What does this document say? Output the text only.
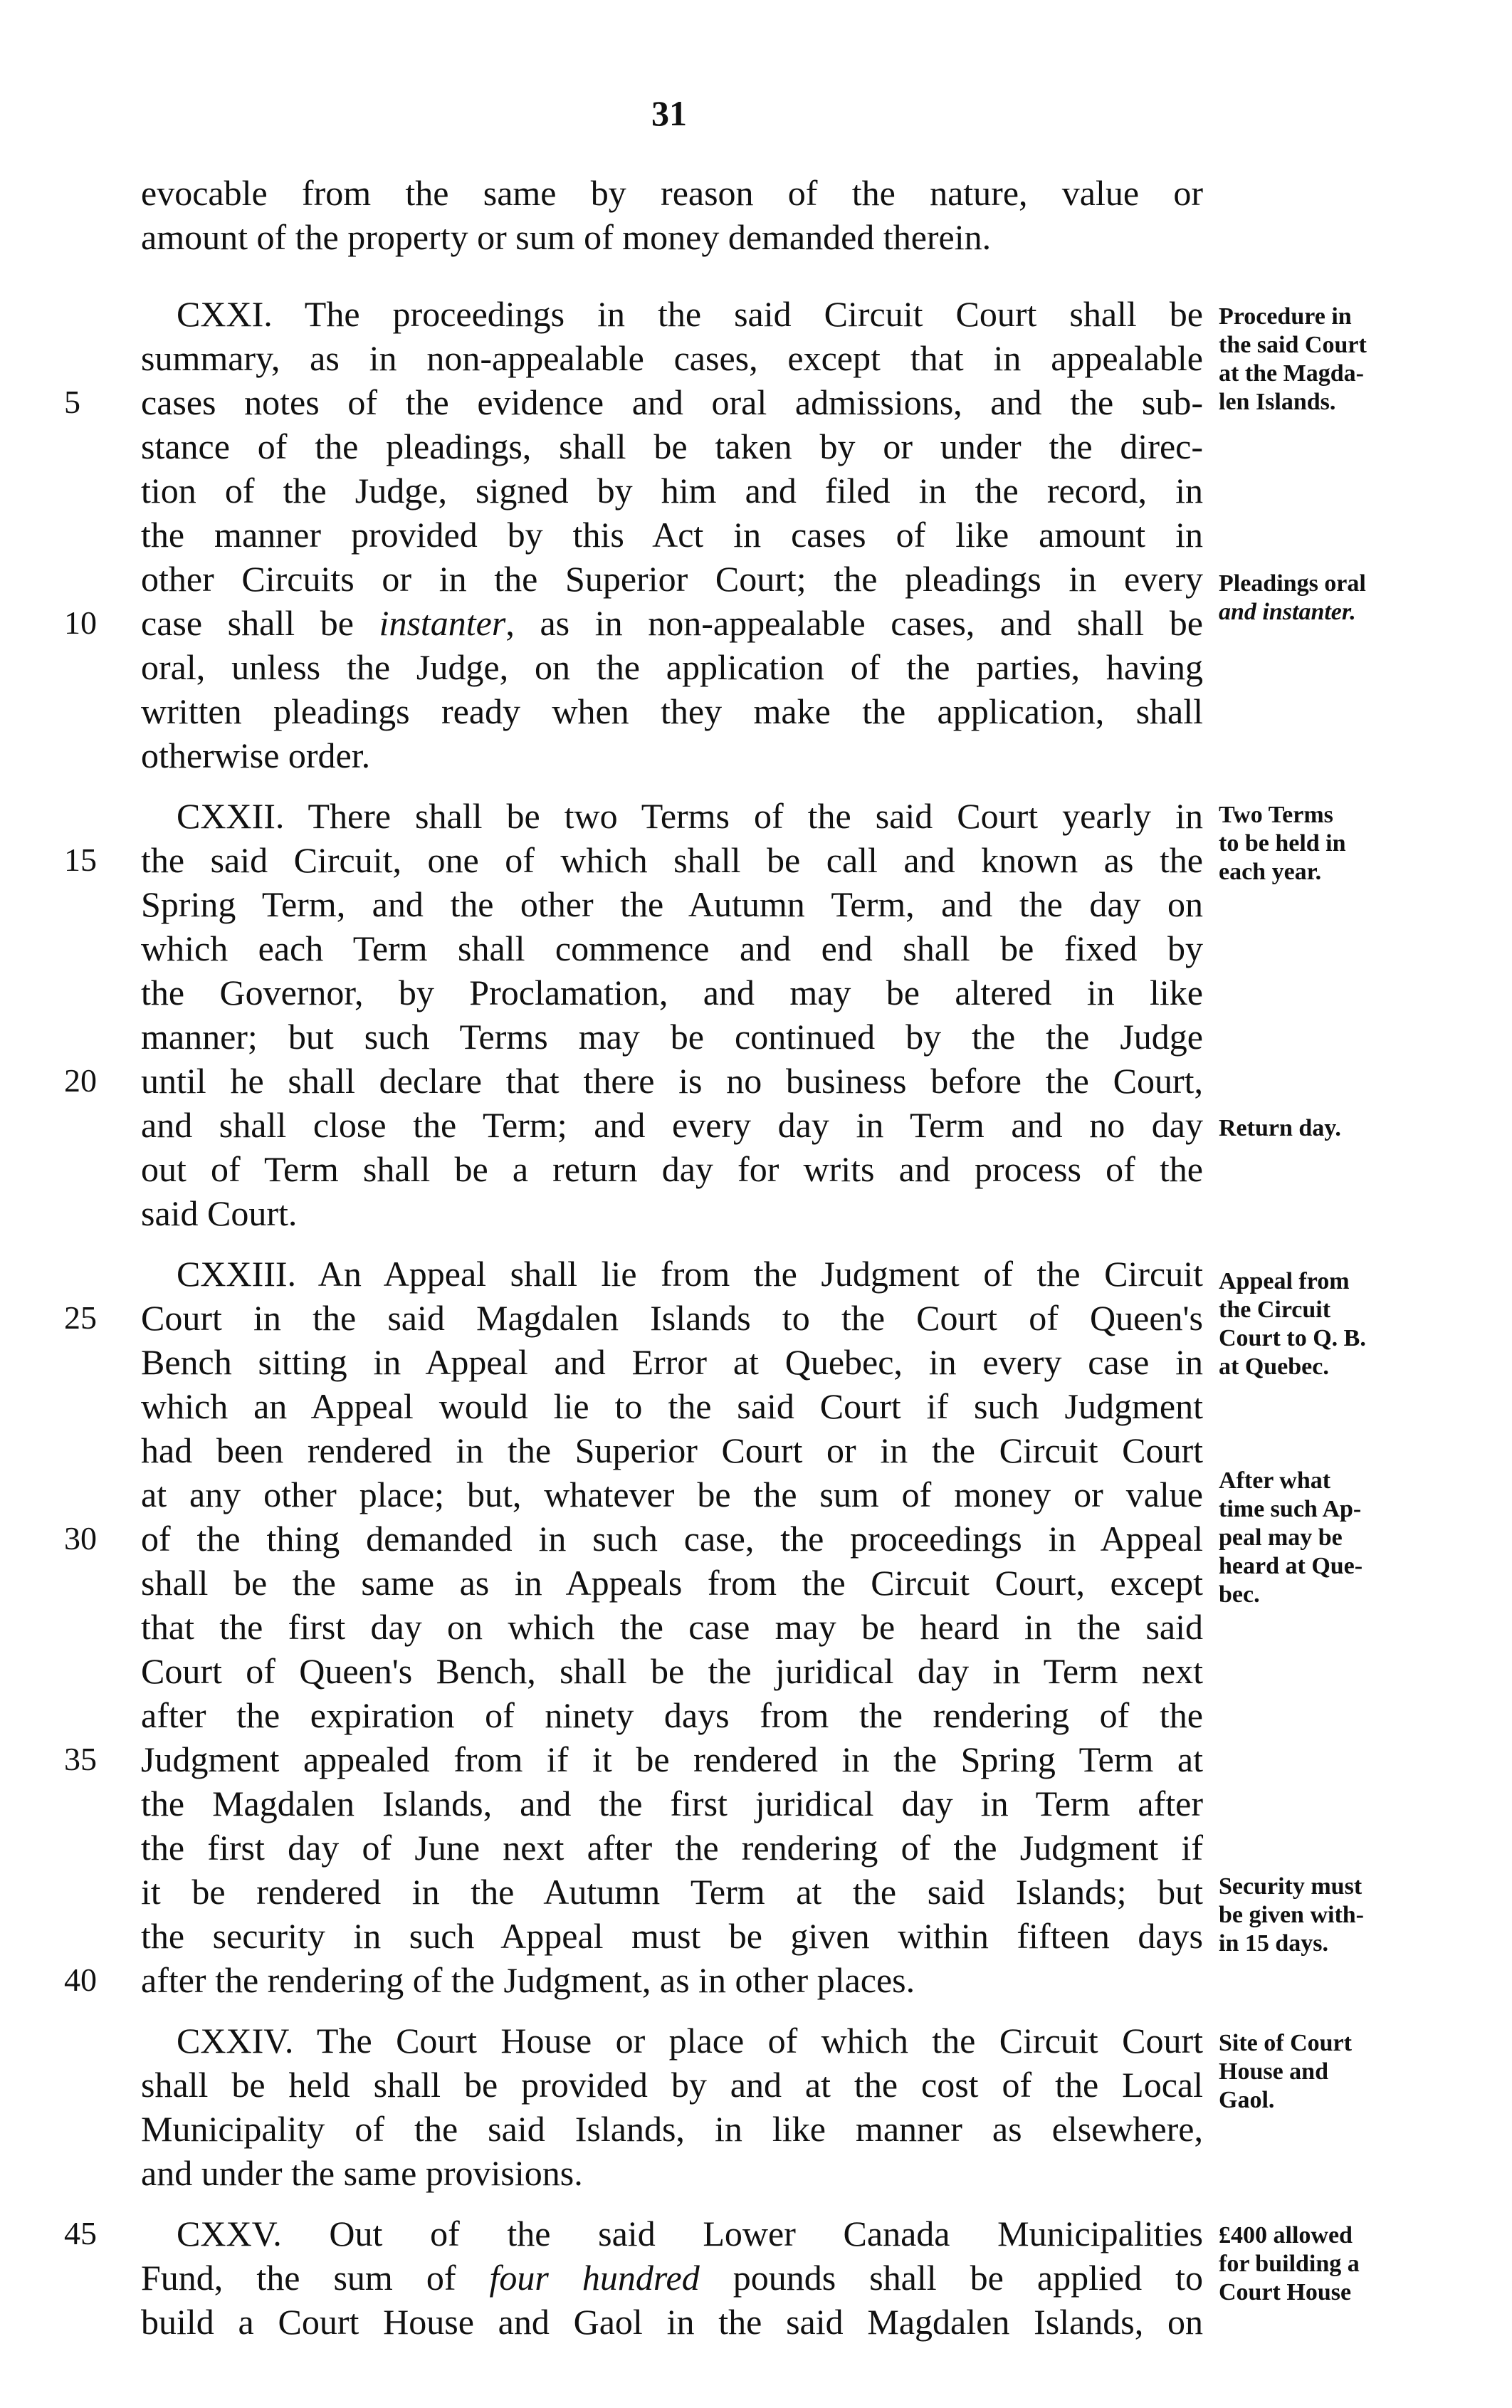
31
evocable from the same by reason of the nature, value or
amount of the property or sum of money demanded therein.
CXXI. The proceedings in the said Circuit Court shall be
summary, as in non-appealable cases, except that in appealable
cases notes of the evidence and oral admissions, and the sub-
stance of the pleadings, shall be taken by or under the direc-
tion of the Judge, signed by him and filed in the record, in
the manner provided by this Act in cases of like amount in
other Circuits or in the Superior Court; the pleadings in every
case shall be instanter, as in non-appealable cases, and shall be
oral, unless the Judge, on the application of the parties, having
written pleadings ready when they make the application, shall
otherwise order.
CXXII. There shall be two Terms of the said Court yearly in
the said Circuit, one of which shall be call and known as the
Spring Term, and the other the Autumn Term, and the day on
which each Term shall commence and end shall be fixed by
the Governor, by Proclamation, and may be altered in like
manner; but such Terms may be continued by the the Judge
until he shall declare that there is no business before the Court,
and shall close the Term; and every day in Term and no day
out of Term shall be a return day for writs and process of the
said Court.
CXXIII. An Appeal shall lie from the Judgment of the Circuit
Court in the said Magdalen Islands to the Court of Queen's
Bench sitting in Appeal and Error at Quebec, in every case in
which an Appeal would lie to the said Court if such Judgment
had been rendered in the Superior Court or in the Circuit Court
at any other place; but, whatever be the sum of money or value
of the thing demanded in such case, the proceedings in Appeal
shall be the same as in Appeals from the Circuit Court, except
that the first day on which the case may be heard in the said
Court of Queen's Bench, shall be the juridical day in Term next
after the expiration of ninety days from the rendering of the
Judgment appealed from if it be rendered in the Spring Term at
the Magdalen Islands, and the first juridical day in Term after
the first day of June next after the rendering of the Judgment if
it be rendered in the Autumn Term at the said Islands; but
the security in such Appeal must be given within fifteen days
after the rendering of the Judgment, as in other places.
CXXIV. The Court House or place of which the Circuit Court
shall be held shall be provided by and at the cost of the Local
Municipality of the said Islands, in like manner as elsewhere,
and under the same provisions.
CXXV. Out of the said Lower Canada Municipalities
Fund, the sum of four hundred pounds shall be applied to
build a Court House and Gaol in the said Magdalen Islands, on
5
10
15
20
25
30
35
40
45
Procedure in
the said Court
at the Magda-
len Islands.
Pleadings oral
and instanter.
Two Terms
to be held in
each year.
Return day.
Appeal from
the Circuit
Court to Q. B.
at Quebec.
After what
time such Ap-
peal may be
heard at Que-
bec.
Security must
be given with-
in 15 days.
Site of Court
House and
Gaol.
£400 allowed
for building a
Court House
